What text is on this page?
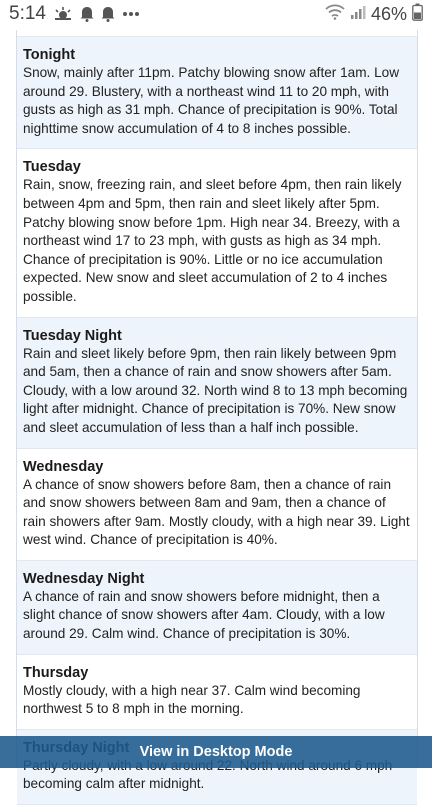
5:14	46%
Tonight
Snow, mainly after 11pm. Patchy blowing snow after 1am. Low around 29. Blustery, with a northeast wind 11 to 20 mph, with gusts as high as 31 mph. Chance of precipitation is 90%. Total nighttime snow accumulation of 4 to 8 inches possible.
Tuesday
Rain, snow, freezing rain, and sleet before 4pm, then rain likely between 4pm and 5pm, then rain and sleet likely after 5pm. Patchy blowing snow before 1pm. High near 34. Breezy, with a northeast wind 17 to 23 mph, with gusts as high as 34 mph. Chance of precipitation is 90%. Little or no ice accumulation expected. New snow and sleet accumulation of 2 to 4 inches possible.
Tuesday Night
Rain and sleet likely before 9pm, then rain likely between 9pm and 5am, then a chance of rain and snow showers after 5am. Cloudy, with a low around 32. North wind 8 to 13 mph becoming light after midnight. Chance of precipitation is 70%. New snow and sleet accumulation of less than a half inch possible.
Wednesday
A chance of snow showers before 8am, then a chance of rain and snow showers between 8am and 9am, then a chance of rain showers after 9am. Mostly cloudy, with a high near 39. Light west wind. Chance of precipitation is 40%.
Wednesday Night
A chance of rain and snow showers before midnight, then a slight chance of snow showers after 4am. Cloudy, with a low around 29. Calm wind. Chance of precipitation is 30%.
Thursday
Mostly cloudy, with a high near 37. Calm wind becoming northwest 5 to 8 mph in the morning.
becoming calm after midnight.
View in Desktop Mode
